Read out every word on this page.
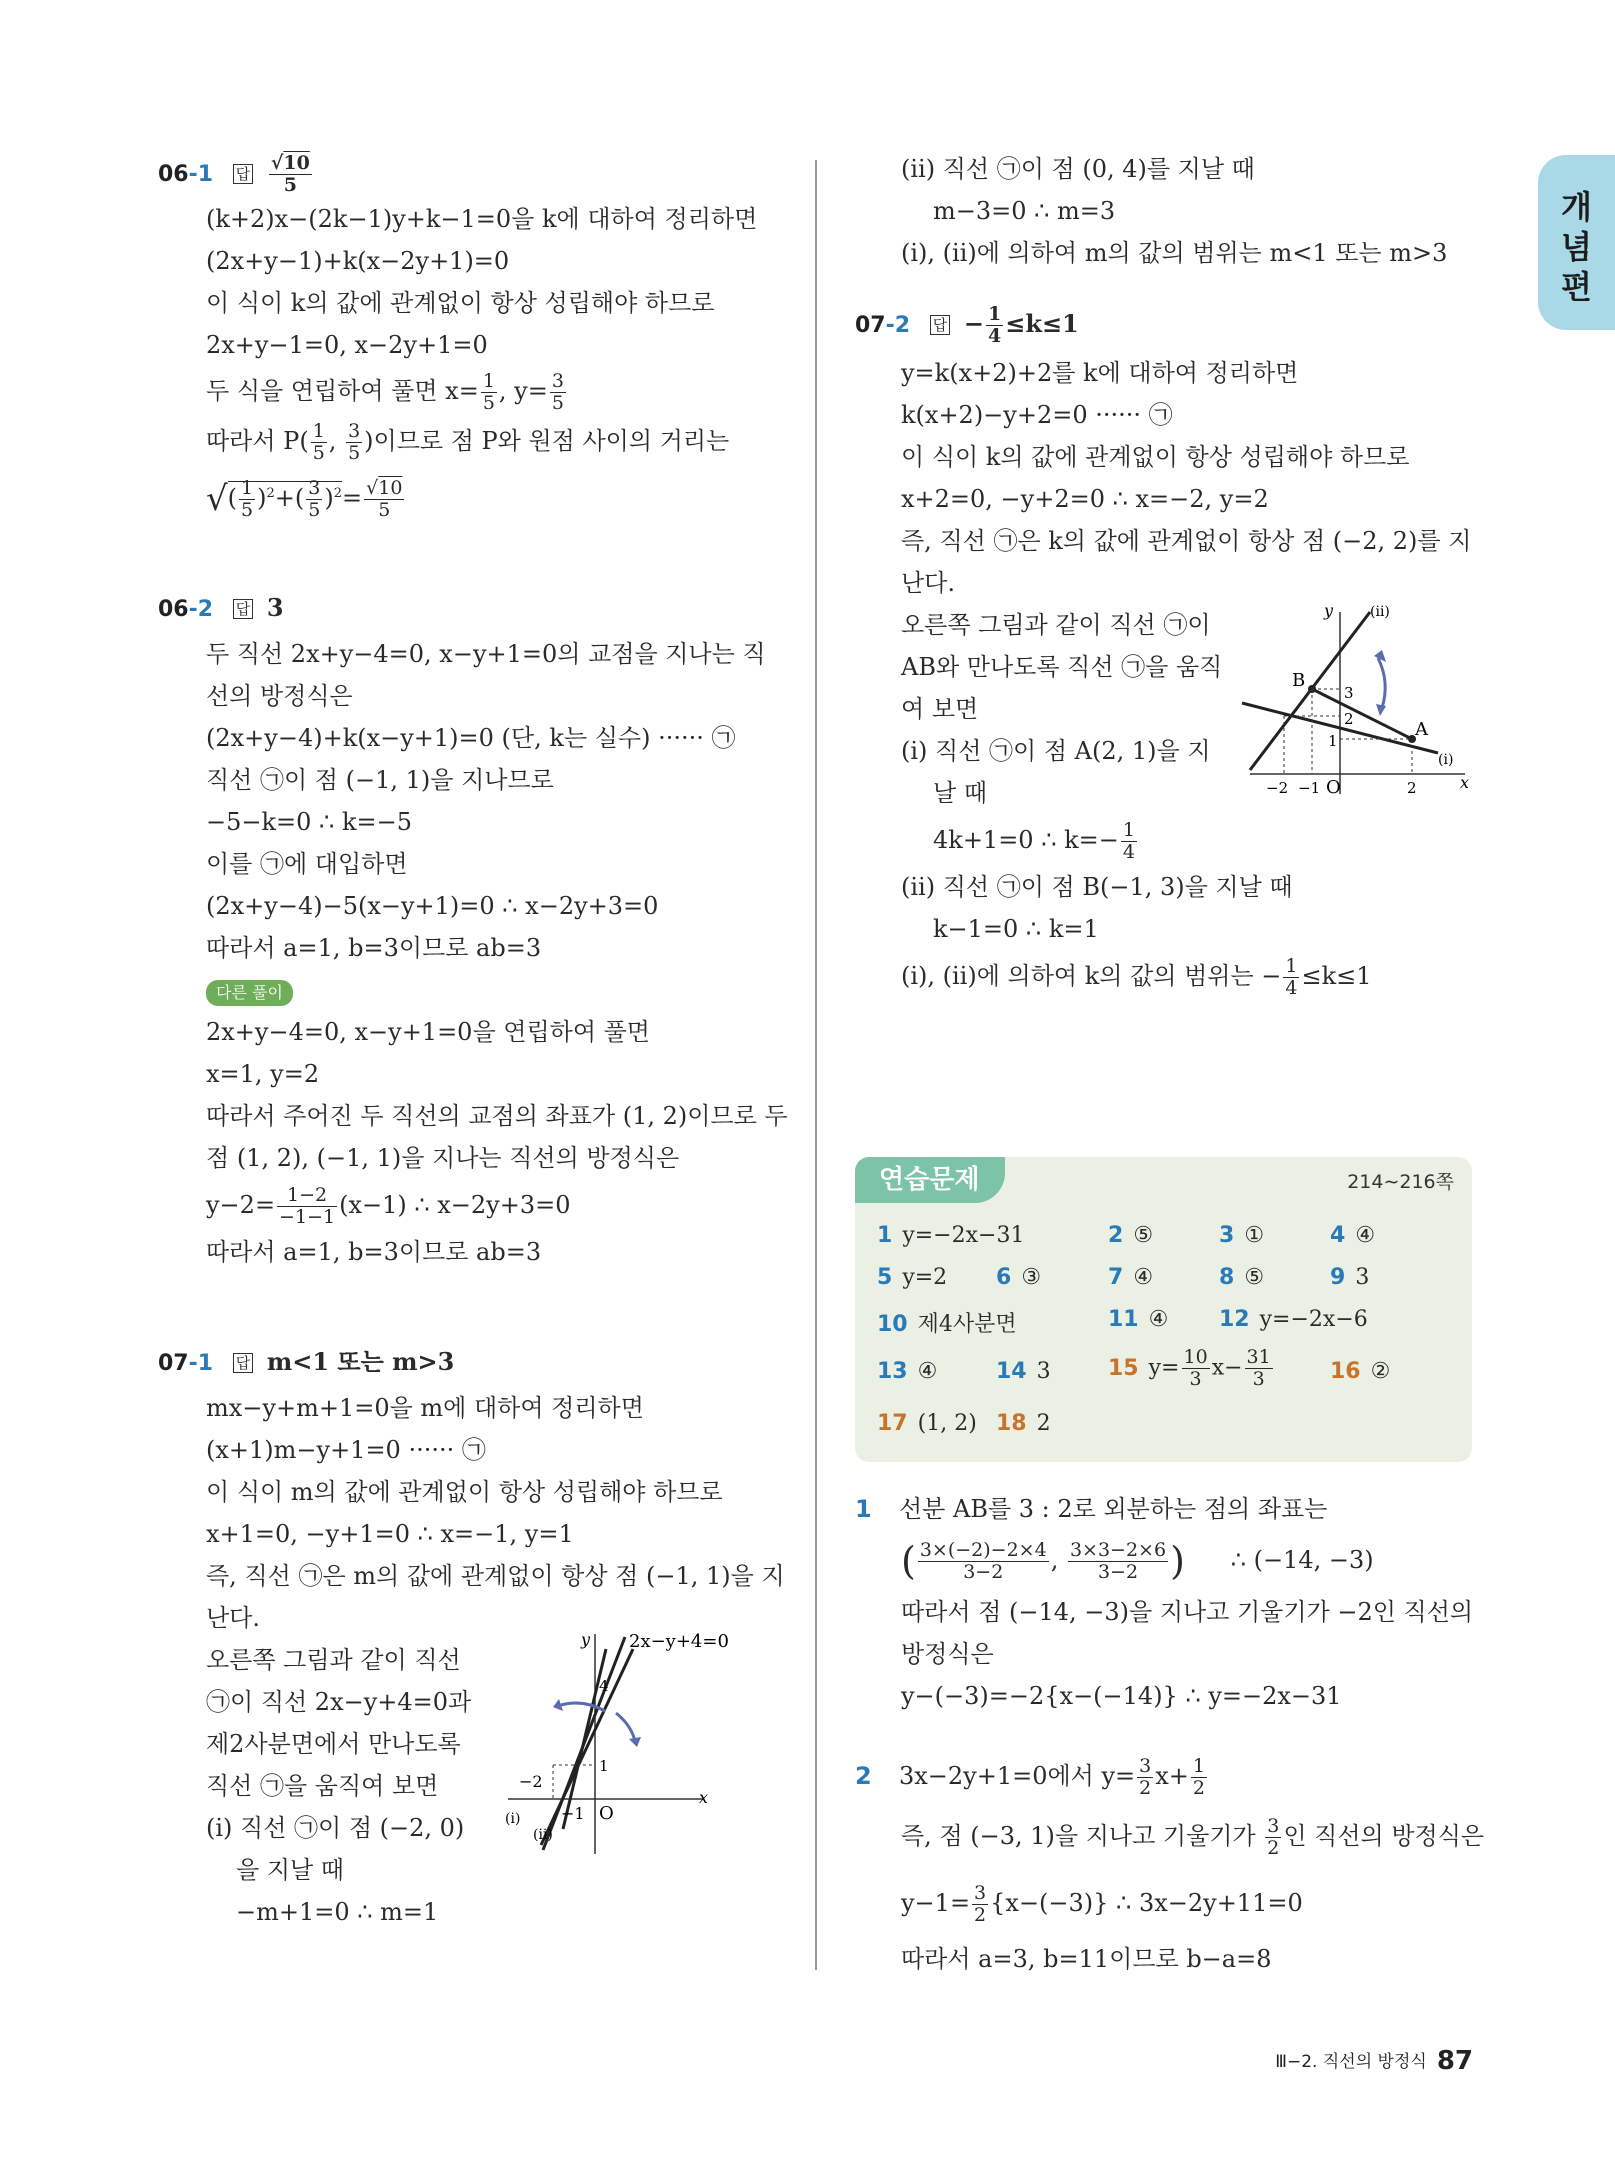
개
념
편
06-1 답 $\frac{√10}{5}$
(k+2)x−(2k−1)y+k−1=0을 k에 대하여 정리하면
(2x+y−1)+k(x−2y+1)=0
이 식이 k의 값에 관계없이 항상 성립해야 하므로
2x+y−1=0, x−2y+1=0
두 식을 연립하여 풀면 $x= \frac{1}{5}$ , $y= \frac{3}{5}$
따라서 $P( \frac{1}{5}$ , $\frac{3}{5}$ )이므로 점 P와 원점 사이의 거리는
√( $\frac{1}{5} )^2+( \frac{3}{5} )^2= \frac{√10}{5}$
06-2 답 3
두 직선 2x+y−4=0, x−y+1=0의 교점을 지나는 직
선의 방정식은
(2x+y−4)+k(x−y+1)=0 (단, k는 실수) ······ ㉠
직선 ㉠이 점 (−1, 1)을 지나므로
−5−k=0 ∴ k=−5
이를 ㉠에 대입하면
(2x+y−4)−5(x−y+1)=0 ∴ x−2y+3=0
따라서 a=1, b=3이므로 ab=3
다른 풀이
2x+y−4=0, x−y+1=0을 연립하여 풀면
x=1, y=2
따라서 주어진 두 직선의 교점의 좌표가 (1, 2)이므로 두
점 (1, 2), (−1, 1)을 지나는 직선의 방정식은
$y-2= \frac{1-2}{-1-1} (x-1)$ ∴ x−2y+3=0
따라서 a=1, b=3이므로 ab=3
07-1 답 m<1 또는 m>3
mx−y+m+1=0을 m에 대하여 정리하면
(x+1)m−y+1=0 ······ ㉠
이 식이 m의 값에 관계없이 항상 성립해야 하므로
x+1=0, −y+1=0 ∴ x=−1, y=1
즉, 직선 ㉠은 m의 값에 관계없이 항상 점 (−1, 1)을 지
난다.
오른쪽 그림과 같이 직선
㉠이 직선 2x−y+4=0과
제2사분면에서 만나도록
직선 ㉠을 움직여 보면
(ⅰ) 직선 ㉠이 점 (−2, 0)
을 지날 때
−m+1=0 ∴ m=1
y
x
O
2x−y+4=0
4
1
−2
−1
(ⅰ)
(ⅱ)
(ⅱ) 직선 ㉠이 점 (0, 4)를 지날 때
m−3=0 ∴ m=3
(ⅰ), (ⅱ)에 의하여 m의 값의 범위는 m<1 또는 m>3
07-2 답 − $\frac{1}{4} \le k\le 1$
y=k(x+2)+2를 k에 대하여 정리하면
k(x+2)−y+2=0 ······ ㉠
이 식이 k의 값에 관계없이 항상 성립해야 하므로
x+2=0, −y+2=0 ∴ x=−2, y=2
즉, 직선 ㉠은 k의 값에 관계없이 항상 점 (−2, 2)를 지
난다.
오른쪽 그림과 같이 직선 ㉠이
AB와 만나도록 직선 ㉠을 움직
여 보면
(ⅰ) 직선 ㉠이 점 A(2, 1)을 지
날 때
4k+1=0 ∴ $k=- \frac{1}{4}$
(ⅱ) 직선 ㉠이 점 B(−1, 3)을 지날 때
k−1=0 ∴ k=1
(ⅰ), (ⅱ)에 의하여 k의 값의 범위는 − $\frac{1}{4} \le k\le 1$
y
x
O
A
B
3
2
1
−2 −1	2
(ⅰ)
(ⅱ)
연습문제	214∼216쪽
1 y=−2x−31	2 ⑤	3 ①	4 ④
5 y=2 6 ③	7 ④	8 ⑤	9 3
10 제4사분면	11 ④ 12 y=−2x−6
13 ④	14 3	15 $y= \frac{10}{3} x- \frac{31}{3}$	16 ②
17 (1, 2) 18 2
1 선분 AB를 3 : 2로 외분하는 점의 좌표는
( $\frac{3\times(-2)-2\times 4}{3-2}$ , $\frac{3\times 3-2\times 6}{3-2}$ ) ∴ (−14, −3)
따라서 점 (−14, −3)을 지나고 기울기가 −2인 직선의
방정식은
y−(−3)=−2{x−(−14)} ∴ y=−2x−31
2 3x−2y+1=0에서 $y= \frac{3}{2} x+ \frac{1}{2}$
즉, 점 (−3, 1)을 지나고 기울기가 $\frac{3}{2}$ 인 직선의 방정식은
$y-1= \frac{3}{2} \{x-(-3)\}$ ∴ 3x−2y+11=0
따라서 a=3, b=11이므로 b−a=8
Ⅲ−2. 직선의 방정식 87
